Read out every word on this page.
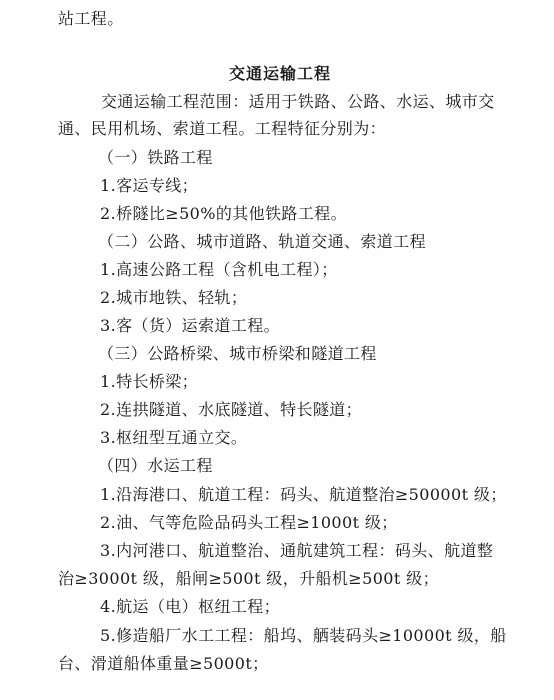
站工程。
交通运输工程
交通运输工程范围：适用于铁路、公路、水运、城市交
通、民用机场、索道工程。工程特征分别为：
（一）铁路工程
1.客运专线；
2.桥隧比≥50%的其他铁路工程。
（二）公路、城市道路、轨道交通、索道工程
1.高速公路工程（含机电工程）；
2.城市地铁、轻轨；
3.客（货）运索道工程。
（三）公路桥梁、城市桥梁和隧道工程
1.特长桥梁；
2.连拱隧道、水底隧道、特长隧道；
3.枢纽型互通立交。
（四）水运工程
1.沿海港口、航道工程：码头、航道整治≥50000t 级；
2.油、气等危险品码头工程≥1000t 级；
3.内河港口、航道整治、通航建筑工程：码头、航道整
治≥3000t 级，船闸≥500t 级，升船机≥500t 级；
4.航运（电）枢纽工程；
5.修造船厂水工工程：船坞、舾装码头≥10000t 级，船
台、滑道船体重量≥5000t；
